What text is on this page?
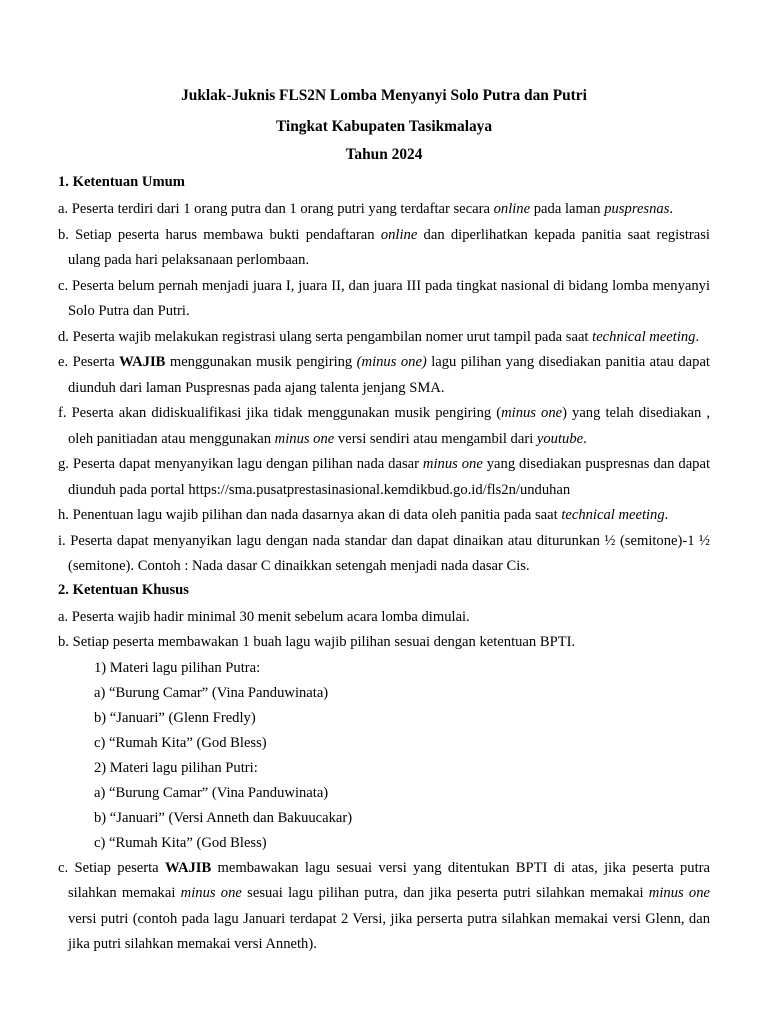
Juklak-Juknis FLS2N Lomba Menyanyi Solo Putra dan Putri
Tingkat Kabupaten Tasikmalaya
Tahun 2024
1. Ketentuan Umum
a. Peserta terdiri dari 1 orang putra dan 1 orang putri yang terdaftar secara online pada laman puspresnas.
b. Setiap peserta harus membawa bukti pendaftaran online dan diperlihatkan kepada panitia saat registrasi ulang pada hari pelaksanaan perlombaan.
c. Peserta belum pernah menjadi juara I, juara II, dan juara III pada tingkat nasional di bidang lomba menyanyi Solo Putra dan Putri.
d. Peserta wajib melakukan registrasi ulang serta pengambilan nomer urut tampil pada saat technical meeting.
e. Peserta WAJIB menggunakan musik pengiring (minus one) lagu pilihan yang disediakan panitia atau dapat diunduh dari laman Puspresnas pada ajang talenta jenjang SMA.
f. Peserta akan didiskualifikasi jika tidak menggunakan musik pengiring (minus one) yang telah disediakan , oleh panitiadan atau menggunakan minus one versi sendiri atau mengambil dari youtube.
g. Peserta dapat menyanyikan lagu dengan pilihan nada dasar minus one yang disediakan puspresnas dan dapat diunduh pada portal https://sma.pusatprestasinasional.kemdikbud.go.id/fls2n/unduhan
h. Penentuan lagu wajib pilihan dan nada dasarnya akan di data oleh panitia pada saat technical meeting.
i. Peserta dapat menyanyikan lagu dengan nada standar dan dapat dinaikan atau diturunkan ½ (semitone)-1 ½ (semitone). Contoh : Nada dasar C dinaikkan setengah menjadi nada dasar Cis.
2. Ketentuan Khusus
a. Peserta wajib hadir minimal 30 menit sebelum acara lomba dimulai.
b. Setiap peserta membawakan 1 buah lagu wajib pilihan sesuai dengan ketentuan BPTI.
1) Materi lagu pilihan Putra:
a) “Burung Camar” (Vina Panduwinata)
b) “Januari” (Glenn Fredly)
c) “Rumah Kita” (God Bless)
2) Materi lagu pilihan Putri:
a) “Burung Camar” (Vina Panduwinata)
b) “Januari” (Versi Anneth dan Bakuucakar)
c) “Rumah Kita” (God Bless)
c. Setiap peserta WAJIB membawakan lagu sesuai versi yang ditentukan BPTI di atas, jika peserta putra silahkan memakai minus one sesuai lagu pilihan putra, dan jika peserta putri silahkan memakai minus one versi putri (contoh pada lagu Januari terdapat 2 Versi, jika perserta putra silahkan memakai versi Glenn, dan jika putri silahkan memakai versi Anneth).
